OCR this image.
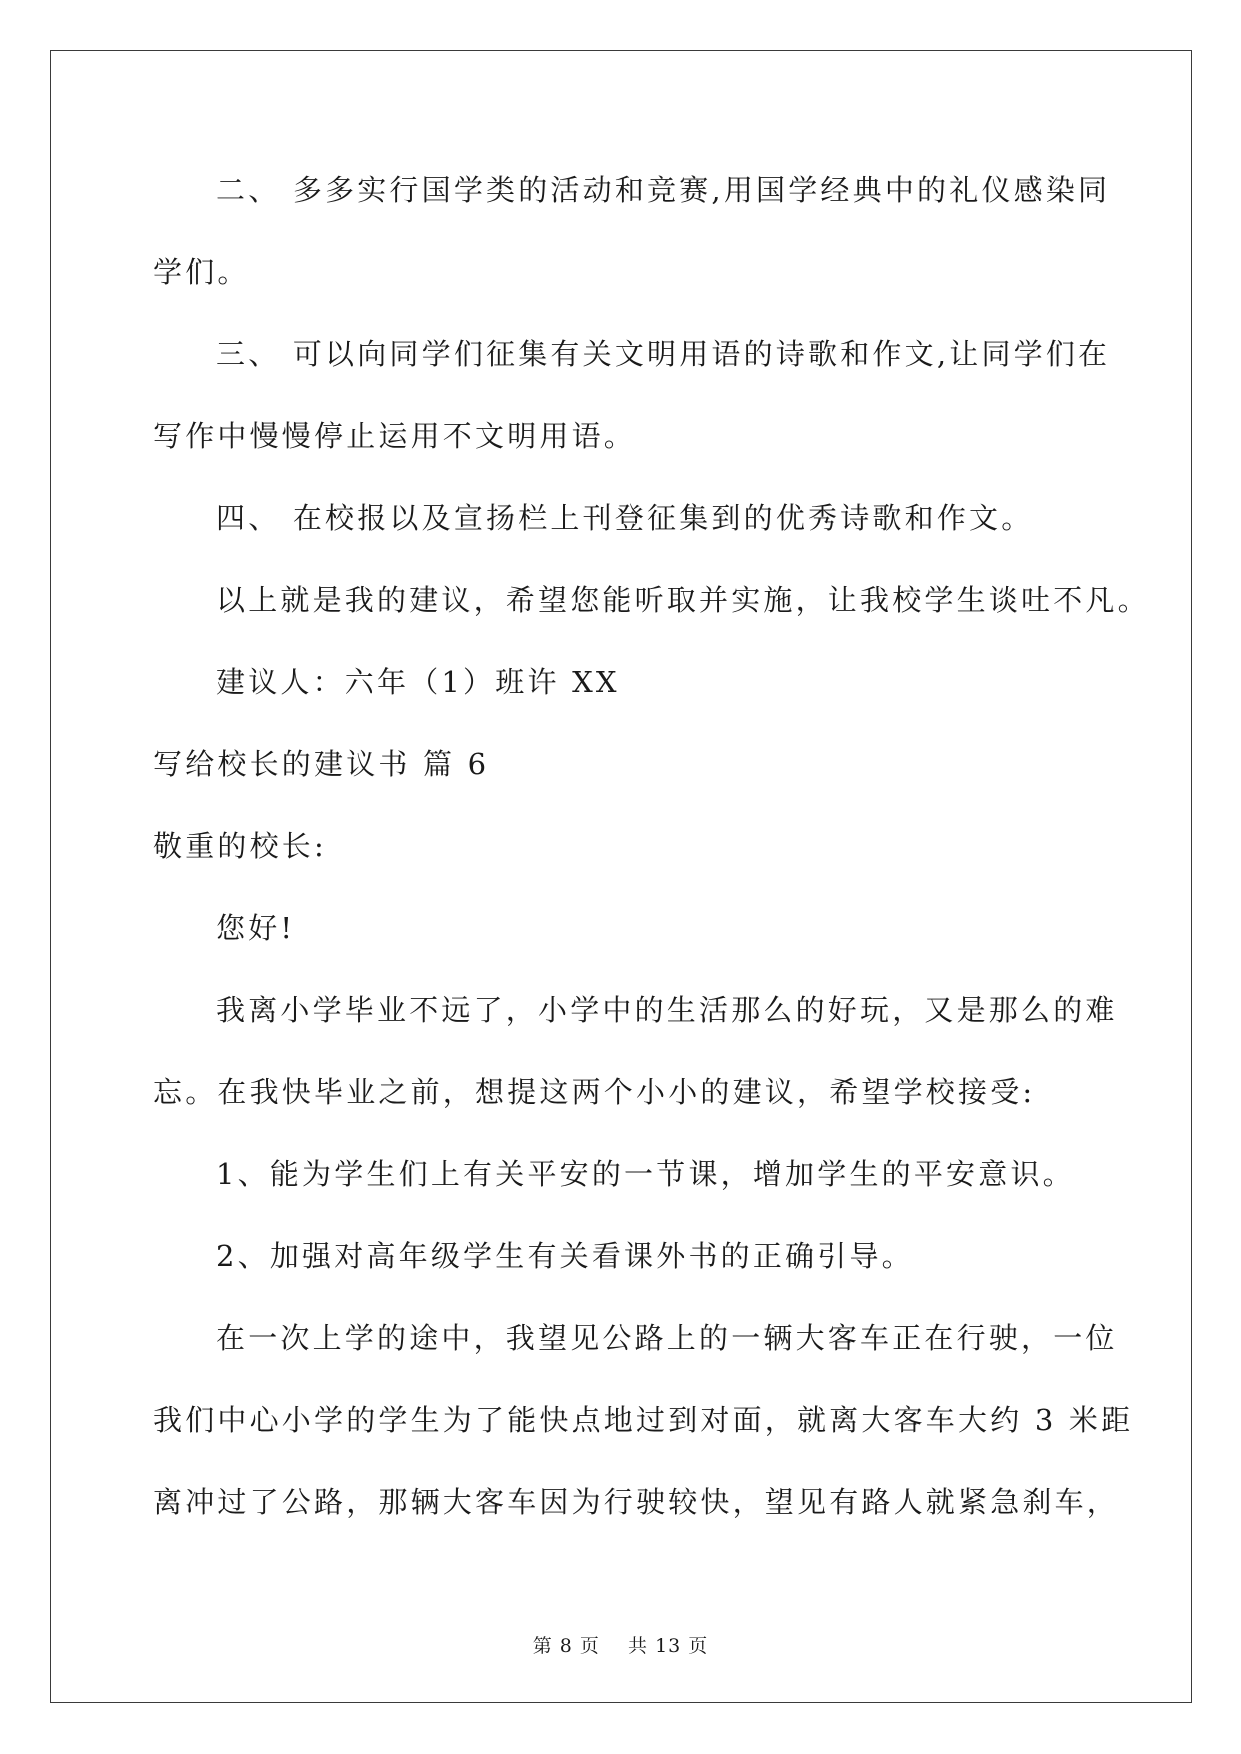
二、 多多实行国学类的活动和竞赛,用国学经典中的礼仪感染同
学们。
三、 可以向同学们征集有关文明用语的诗歌和作文,让同学们在
写作中慢慢停止运用不文明用语。
四、 在校报以及宣扬栏上刊登征集到的优秀诗歌和作文。
以上就是我的建议，希望您能听取并实施，让我校学生谈吐不凡。
建议人：六年（1）班许 XX
写给校长的建议书 篇 6
敬重的校长:
您好!
我离小学毕业不远了，小学中的生活那么的好玩，又是那么的难
忘。在我快毕业之前，想提这两个小小的建议，希望学校接受:
1、能为学生们上有关平安的一节课，增加学生的平安意识。
2、加强对高年级学生有关看课外书的正确引导。
在一次上学的途中，我望见公路上的一辆大客车正在行驶，一位
我们中心小学的学生为了能快点地过到对面，就离大客车大约 3 米距
离冲过了公路，那辆大客车因为行驶较快，望见有路人就紧急刹车，
第 8 页    共 13 页
